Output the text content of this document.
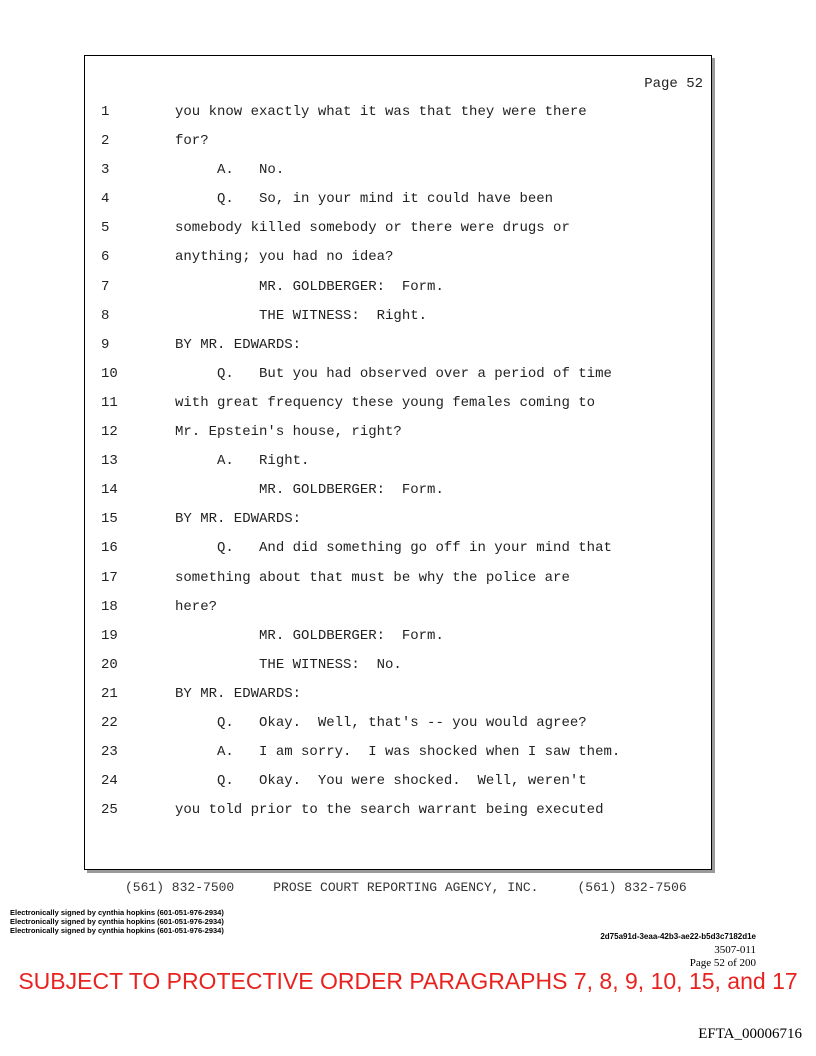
Page 52
1	you know exactly what it was that they were there
2	for?
3	A.   No.
4	Q.   So, in your mind it could have been
5	somebody killed somebody or there were drugs or
6	anything; you had no idea?
7	MR. GOLDBERGER:  Form.
8	THE WITNESS:  Right.
9	BY MR. EDWARDS:
10	Q.   But you had observed over a period of time
11	with great frequency these young females coming to
12	Mr. Epstein's house, right?
13	A.   Right.
14	MR. GOLDBERGER:  Form.
15	BY MR. EDWARDS:
16	Q.   And did something go off in your mind that
17	something about that must be why the police are
18	here?
19	MR. GOLDBERGER:  Form.
20	THE WITNESS:  No.
21	BY MR. EDWARDS:
22	Q.   Okay.  Well, that's -- you would agree?
23	A.   I am sorry.  I was shocked when I saw them.
24	Q.   Okay.  You were shocked.  Well, weren't
25	you told prior to the search warrant being executed
(561) 832-7500     PROSE COURT REPORTING AGENCY, INC.     (561) 832-7506
Electronically signed by cynthia hopkins (601-051-976-2934)
Electronically signed by cynthia hopkins (601-051-976-2934)
Electronically signed by cynthia hopkins (601-051-976-2934)
2d75a91d-3eaa-42b3-ae22-b5d3c7182d1e
3507-011
Page 52 of 200
SUBJECT TO PROTECTIVE ORDER PARAGRAPHS 7, 8, 9, 10, 15, and 17
EFTA_00006716
